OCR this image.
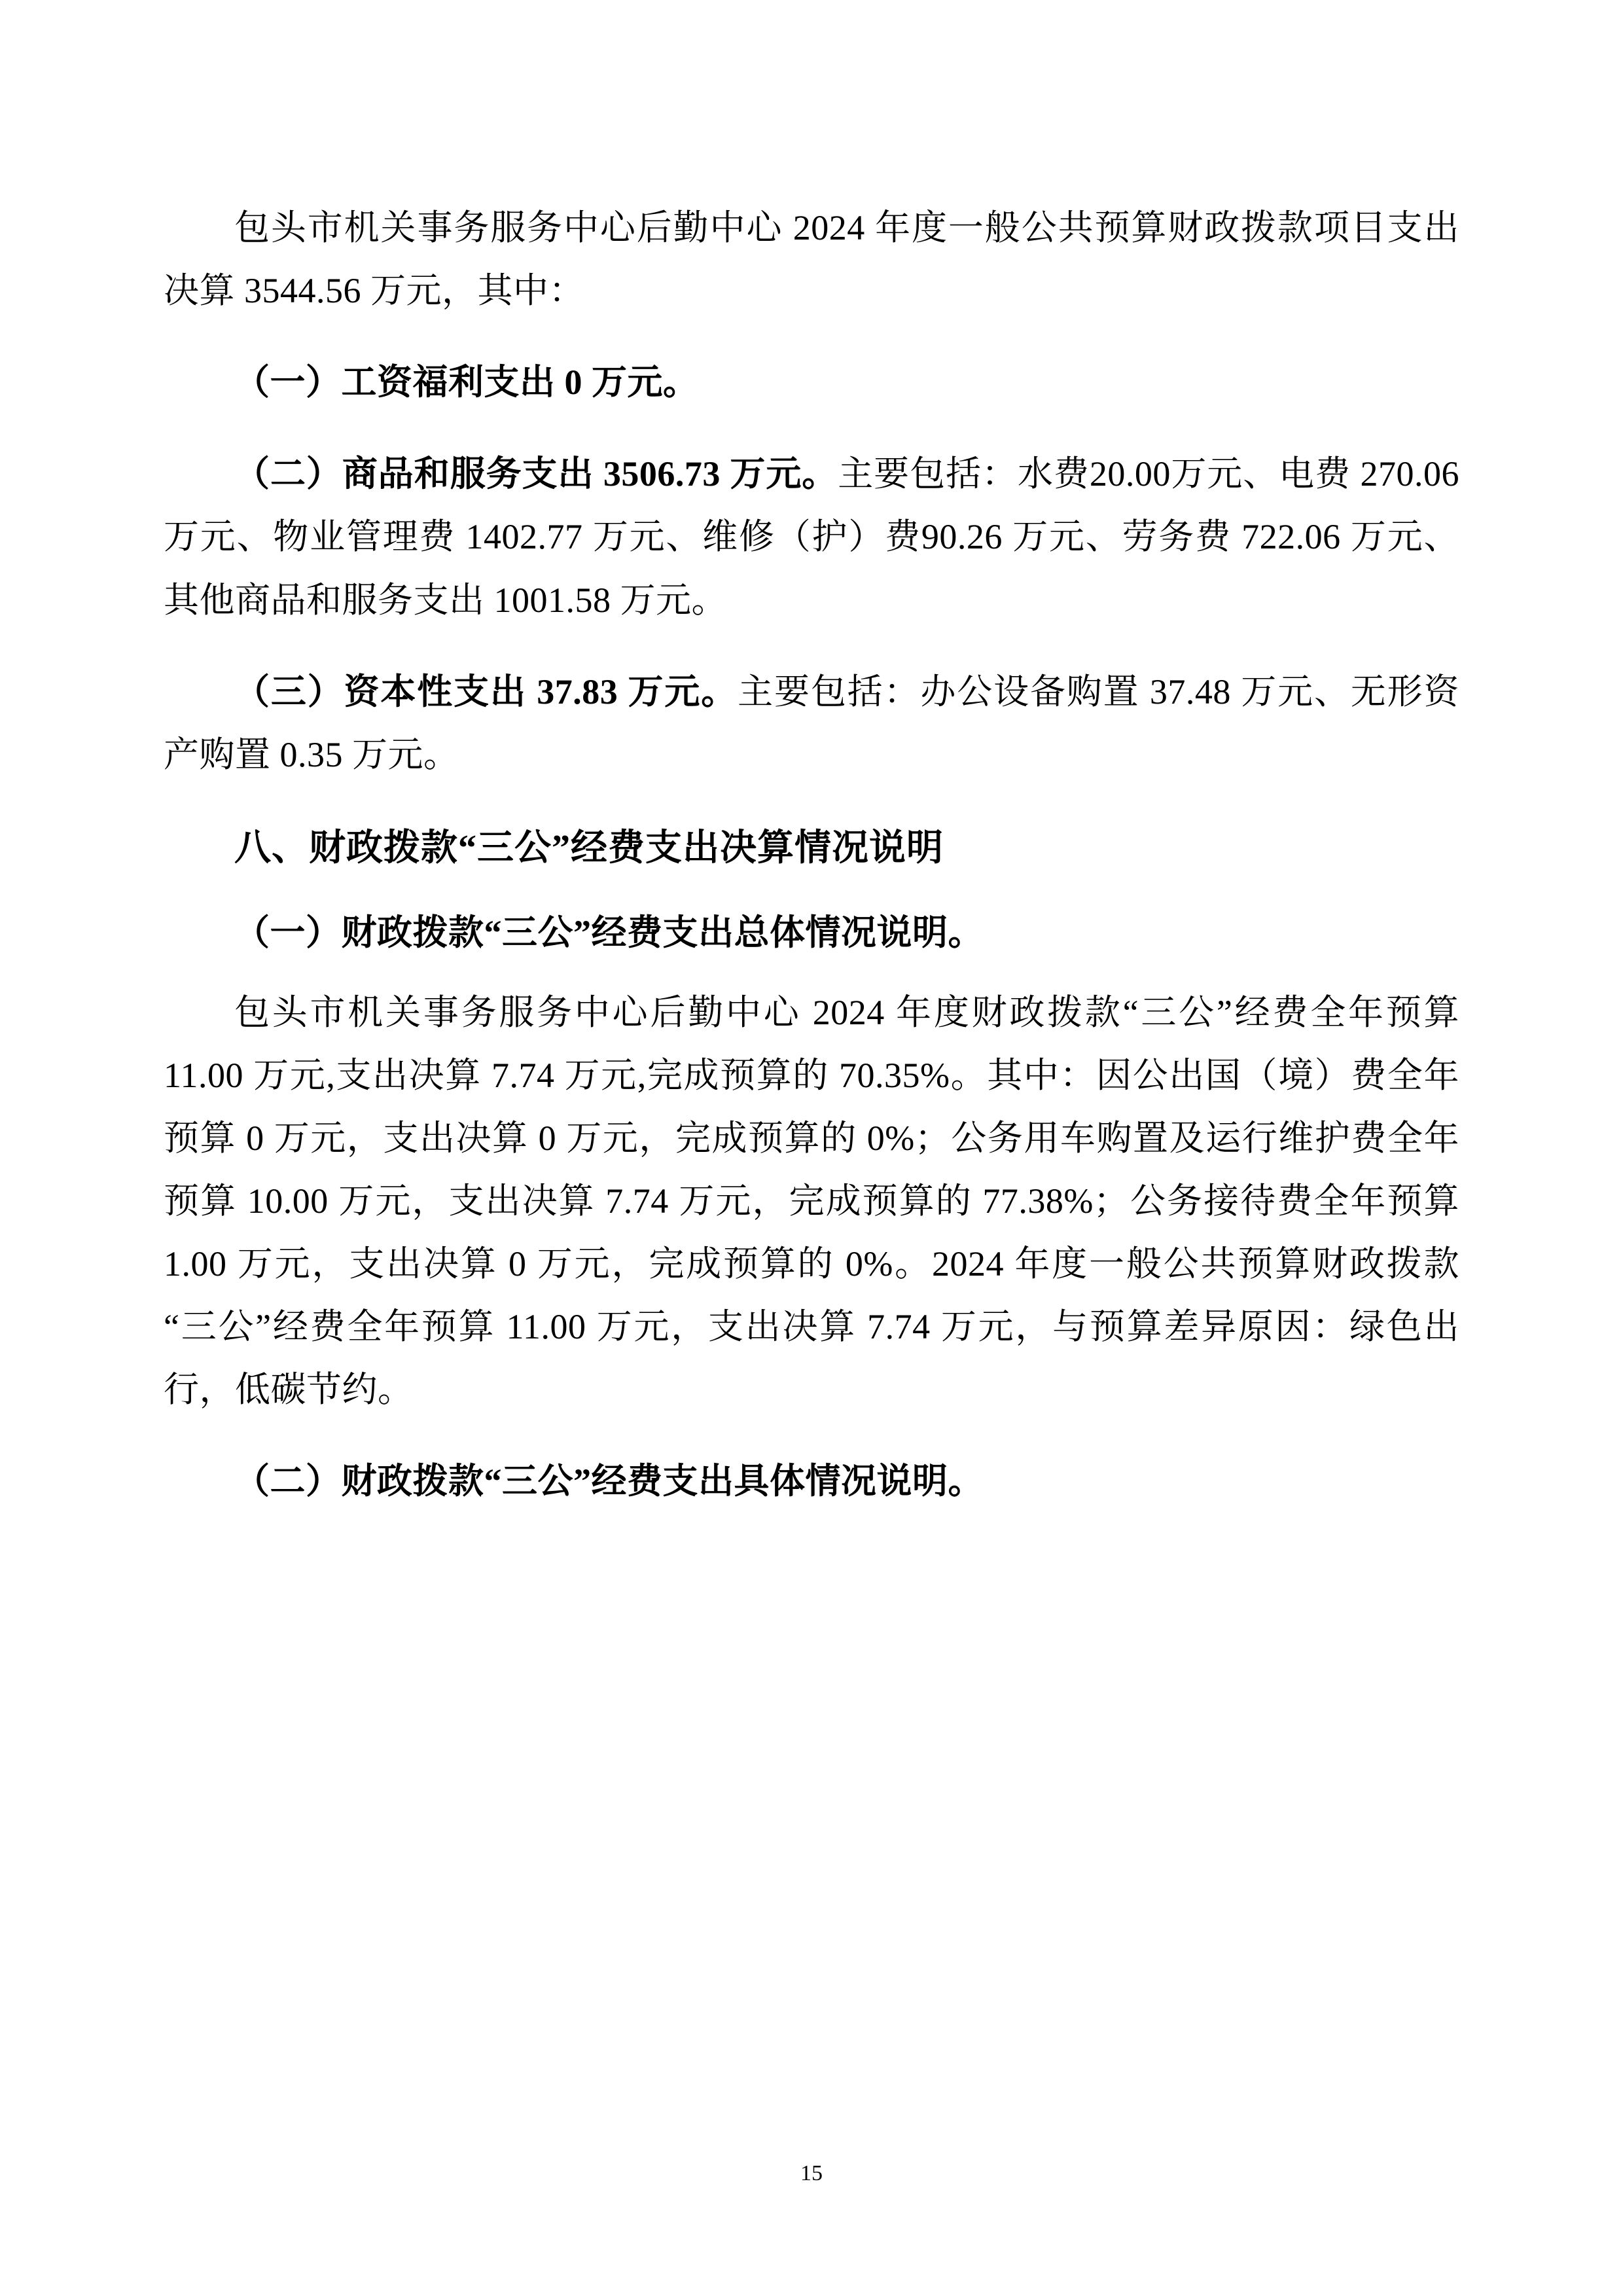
包头市机关事务服务中心后勤中心 2024 年度一般公共预算财政拨款项目支出决算 3544.56 万元，其中：

（一）工资福利支出 0 万元。

（二）商品和服务支出 3506.73 万元。主要包括：水费20.00万元、电费 270.06 万元、物业管理费 1402.77 万元、维修（护）费90.26 万元、劳务费 722.06 万元、其他商品和服务支出 1001.58 万元。

（三）资本性支出 37.83 万元。主要包括：办公设备购置 37.48 万元、无形资产购置 0.35 万元。

八、财政拨款“三公”经费支出决算情况说明
（一）财政拨款“三公”经费支出总体情况说明。

包头市机关事务服务中心后勤中心 2024 年度财政拨款“三公”经费全年预算 11.00 万元,支出决算 7.74 万元,完成预算的 70.35%。其中：因公出国（境）费全年预算 0 万元，支出决算 0 万元，完成预算的 0%；公务用车购置及运行维护费全年预算 10.00 万元，支出决算 7.74 万元，完成预算的 77.38%；公务接待费全年预算 1.00 万元，支出决算 0 万元，完成预算的 0%。2024 年度一般公共预算财政拨款“三公”经费全年预算 11.00 万元，支出决算 7.74 万元，与预算差异原因：绿色出行，低碳节约。

（二）财政拨款“三公”经费支出具体情况说明。
15
